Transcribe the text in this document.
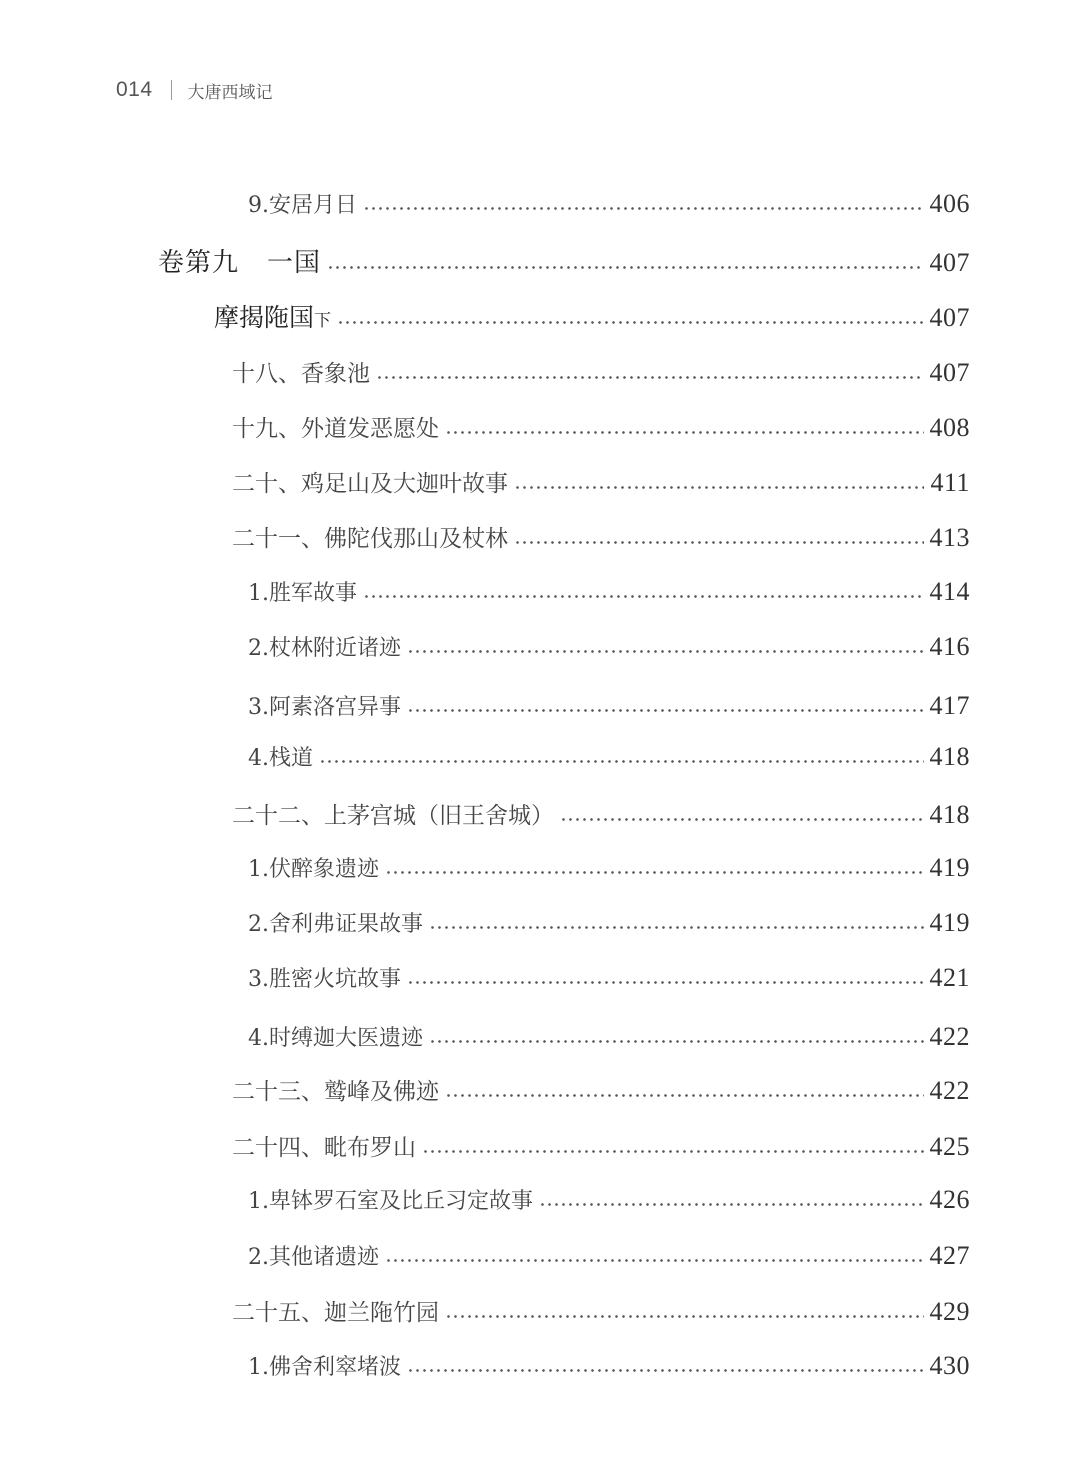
014 大唐西域记
9.安居月日	406
卷第九 一国	407
摩揭陁国下	407
十八、香象池	407
十九、外道发恶愿处	408
二十、鸡足山及大迦叶故事	411
二十一、佛陀伐那山及杖林	413
1.胜军故事	414
2.杖林附近诸迹	416
3.阿素洛宫异事	417
4.栈道	418
二十二、上茅宫城（旧王舍城）	418
1.伏醉象遗迹	419
2.舍利弗证果故事	419
3.胜密火坑故事	421
4.时缚迦大医遗迹	422
二十三、鹫峰及佛迹	422
二十四、毗布罗山	425
1.卑钵罗石室及比丘习定故事	426
2.其他诸遗迹	427
二十五、迦兰陁竹园	429
1.佛舍利窣堵波	430
